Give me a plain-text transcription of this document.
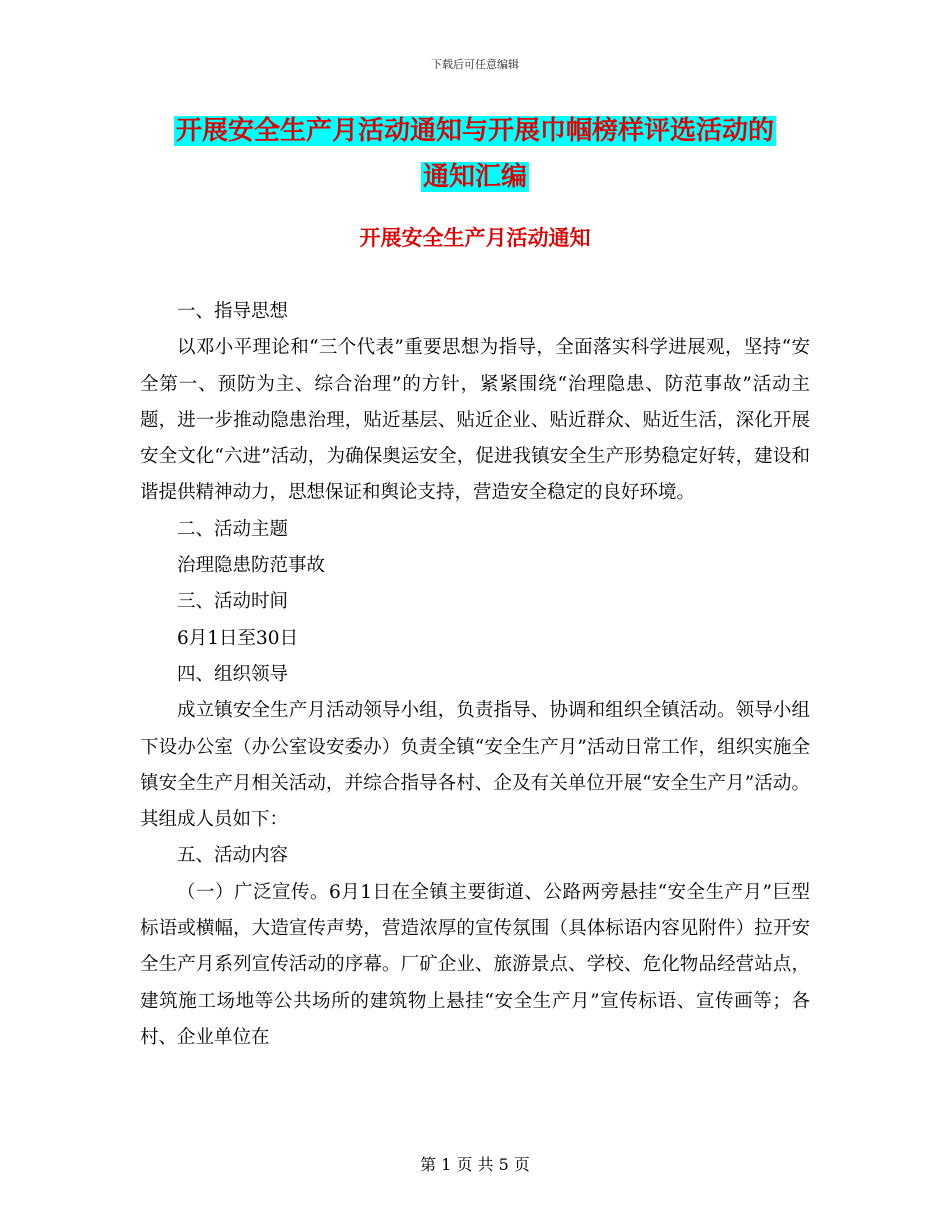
下载后可任意编辑
开展安全生产月活动通知与开展巾帼榜样评选活动的
通知汇编
开展安全生产月活动通知

一、指导思想

以邓小平理论和“三个代表”重要思想为指导，全面落实科学进展观，坚持“安全第一、预防为主、综合治理”的方针，紧紧围绕“治理隐患、防范事故”活动主题，进一步推动隐患治理，贴近基层、贴近企业、贴近群众、贴近生活，深化开展安全文化“六进”活动，为确保奥运安全，促进我镇安全生产形势稳定好转，建设和谐提供精神动力，思想保证和舆论支持，营造安全稳定的良好环境。

二、活动主题

治理隐患防范事故

三、活动时间

6月1日至30日

四、组织领导

成立镇安全生产月活动领导小组，负责指导、协调和组织全镇活动。领导小组下设办公室（办公室设安委办）负责全镇“安全生产月”活动日常工作，组织实施全镇安全生产月相关活动，并综合指导各村、企及有关单位开展“安全生产月”活动。其组成人员如下：

五、活动内容

（一）广泛宣传。6月1日在全镇主要街道、公路两旁悬挂“安全生产月”巨型标语或横幅，大造宣传声势，营造浓厚的宣传氛围（具体标语内容见附件）拉开安全生产月系列宣传活动的序幕。厂矿企业、旅游景点、学校、危化物品经营站点，建筑施工场地等公共场所的建筑物上悬挂“安全生产月”宣传标语、宣传画等；各村、企业单位在

第 1 页 共 5 页
